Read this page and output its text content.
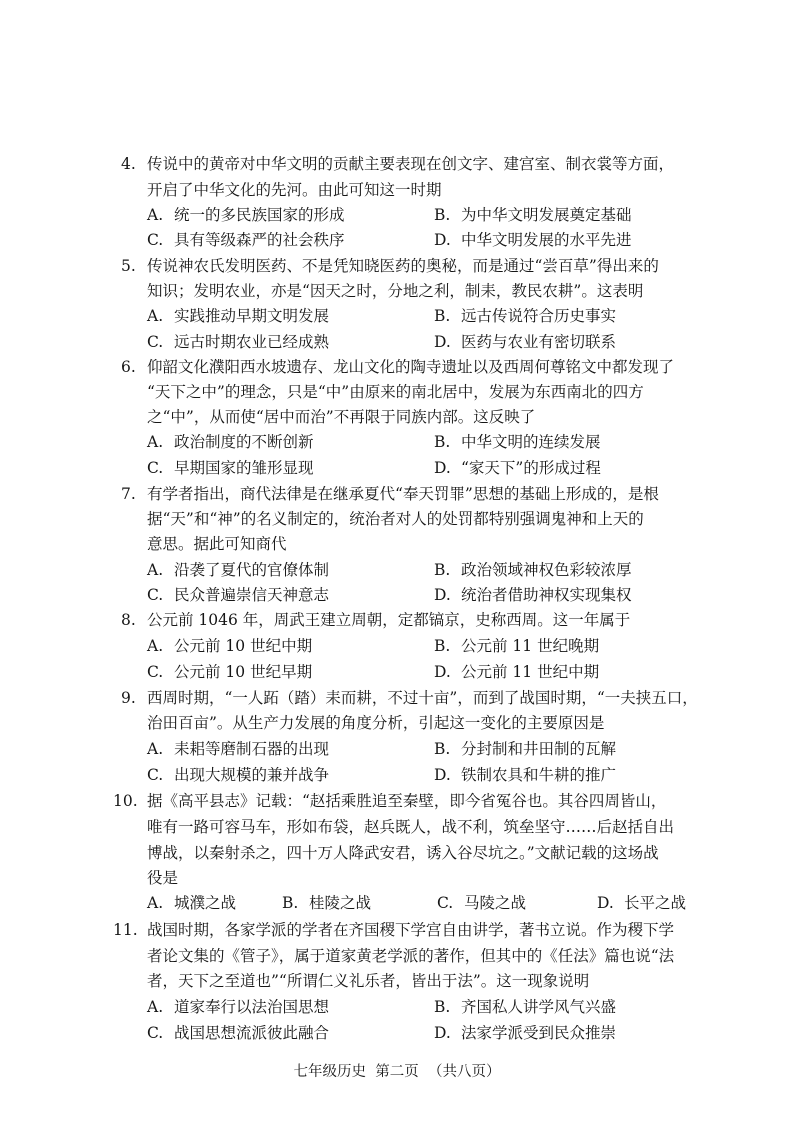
4. 传说中的黄帝对中华文明的贡献主要表现在创文字、建宫室、制衣裳等方面，
开启了中华文化的先河。由此可知这一时期
A. 统一的多民族国家的形成	B. 为中华文明发展奠定基础
C. 具有等级森严的社会秩序	D. 中华文明发展的水平先进
5. 传说神农氏发明医药、不是凭知晓医药的奥秘，而是通过“尝百草”得出来的
知识；发明农业，亦是“因天之时，分地之利，制耒，教民农耕”。这表明
A. 实践推动早期文明发展	B. 远古传说符合历史事实
C. 远古时期农业已经成熟	D. 医药与农业有密切联系
6. 仰韶文化濮阳西水坡遗存、龙山文化的陶寺遗址以及西周何尊铭文中都发现了
“天下之中”的理念，只是“中”由原来的南北居中，发展为东西南北的四方
之“中”，从而使“居中而治”不再限于同族内部。这反映了
A. 政治制度的不断创新	B. 中华文明的连续发展
C. 早期国家的雏形显现	D. “家天下”的形成过程
7. 有学者指出，商代法律是在继承夏代“奉天罚罪”思想的基础上形成的，是根
据“天”和“神”的名义制定的，统治者对人的处罚都特别强调鬼神和上天的
意思。据此可知商代
A. 沿袭了夏代的官僚体制	B. 政治领域神权色彩较浓厚
C. 民众普遍崇信天神意志	D. 统治者借助神权实现集权
8. 公元前 1046 年，周武王建立周朝，定都镐京，史称西周。这一年属于
A. 公元前 10 世纪中期	B. 公元前 11 世纪晚期
C. 公元前 10 世纪早期	D. 公元前 11 世纪中期
9. 西周时期，“一人跖（踏）耒而耕，不过十亩”，而到了战国时期，“一夫挟五口，
治田百亩”。从生产力发展的角度分析，引起这一变化的主要原因是
A. 耒耜等磨制石器的出现	B. 分封制和井田制的瓦解
C. 出现大规模的兼并战争	D. 铁制农具和牛耕的推广
10. 据《高平县志》记载：“赵括乘胜追至秦壁，即今省冤谷也。其谷四周皆山，
唯有一路可容马车，形如布袋，赵兵既人，战不利，筑垒坚守……后赵括自出
博战，以秦射杀之，四十万人降武安君，诱入谷尽坑之。”文献记载的这场战
役是
A. 城濮之战	B. 桂陵之战	C. 马陵之战	D. 长平之战
11. 战国时期，各家学派的学者在齐国稷下学宫自由讲学，著书立说。作为稷下学
者论文集的《管子》，属于道家黄老学派的著作，但其中的《任法》篇也说“法
者，天下之至道也”“所谓仁义礼乐者，皆出于法”。这一现象说明
A. 道家奉行以法治国思想	B. 齐国私人讲学风气兴盛
C. 战国思想流派彼此融合	D. 法家学派受到民众推崇
七年级历史  第二页  （共八页）
